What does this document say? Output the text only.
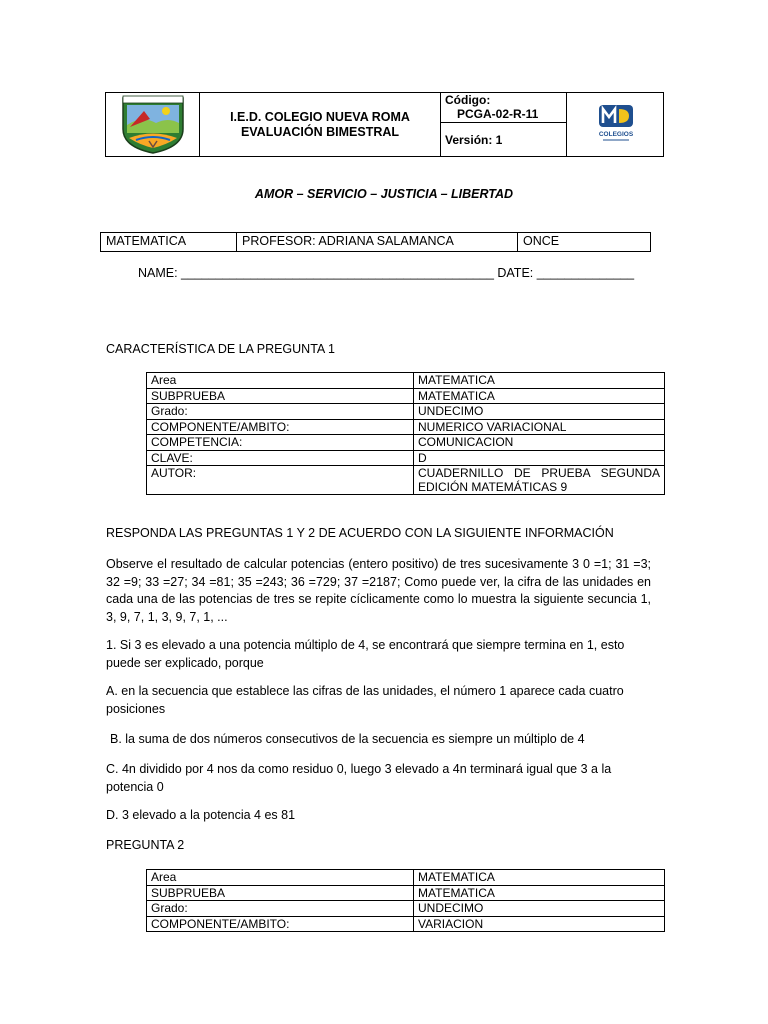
I.E.D. COLEGIO NUEVA ROMA
EVALUACIÓN BIMESTRAL
Código:
PCGA-02-R-11
Versión: 1	COLEGIOS
AMOR – SERVICIO – JUSTICIA – LIBERTAD
MATEMATICA	PROFESOR: ADRIANA SALAMANCA	ONCE
NAME: _____________________________________________ DATE: ______________
CARACTERÍSTICA DE LA PREGUNTA 1
Area	MATEMATICA
SUBPRUEBA	MATEMATICA
Grado:	UNDECIMO
COMPONENTE/AMBITO:	NUMERICO VARIACIONAL
COMPETENCIA:	COMUNICACION
CLAVE:	D
AUTOR:	CUADERNILLO DE PRUEBA SEGUNDA EDICIÓN MATEMÁTICAS 9
RESPONDA LAS PREGUNTAS 1 Y 2 DE ACUERDO CON LA SIGUIENTE INFORMACIÓN
Observe el resultado de calcular potencias (entero positivo) de tres sucesivamente 3 0 =1; 31 =3; 32 =9; 33 =27; 34 =81; 35 =243; 36 =729; 37 =2187; Como puede ver, la cifra de las unidades en cada una de las potencias de tres se repite cíclicamente como lo muestra la siguiente secuncia 1, 3, 9, 7, 1, 3, 9, 7, 1, ...
1. Si 3 es elevado a una potencia múltiplo de 4, se encontrará que siempre termina en 1, esto puede ser explicado, porque
A. en la secuencia que establece las cifras de las unidades, el número 1 aparece cada cuatro posiciones
B. la suma de dos números consecutivos de la secuencia es siempre un múltiplo de 4
C. 4n dividido por 4 nos da como residuo 0, luego 3 elevado a 4n terminará igual que 3 a la potencia 0
D. 3 elevado a la potencia 4 es 81
PREGUNTA 2
Area	MATEMATICA
SUBPRUEBA	MATEMATICA
Grado:	UNDECIMO
COMPONENTE/AMBITO:	VARIACION
